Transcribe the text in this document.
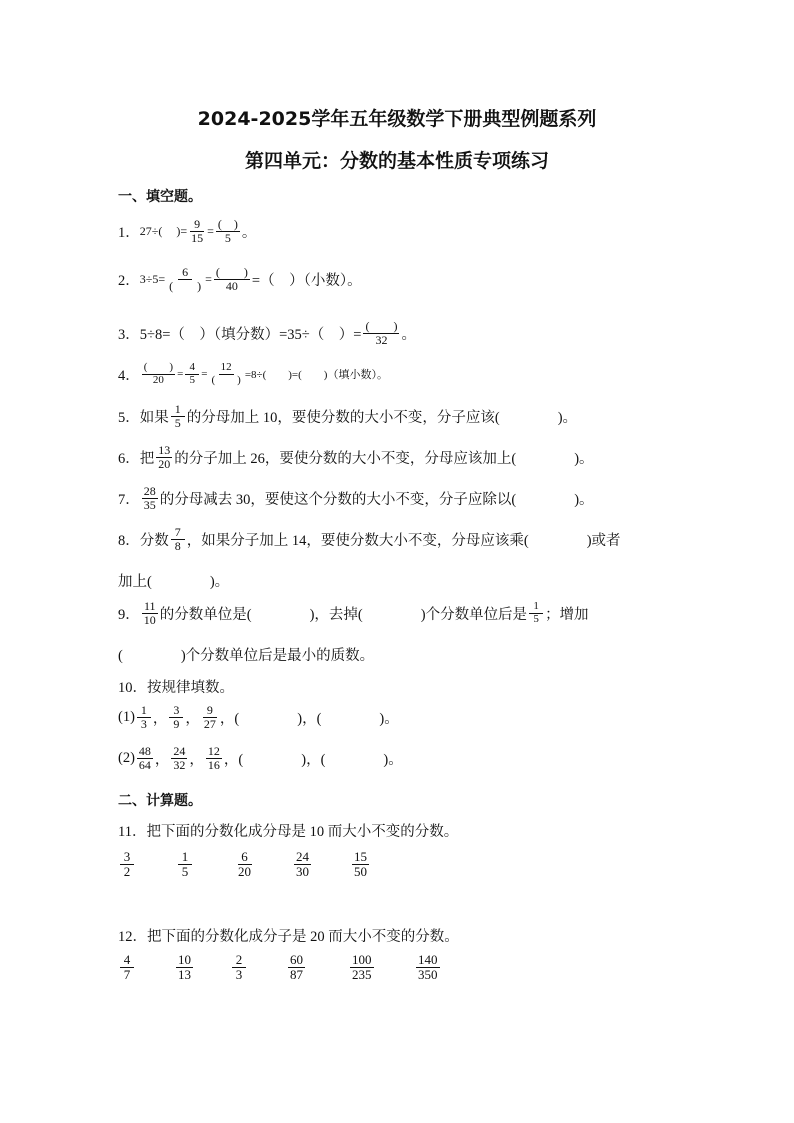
2024-2025学年五年级数学下册典型例题系列
第四单元：分数的基本性质专项练习
一、填空题。
1． 27÷( )= $\frac{9}{15} = \frac{( )}{5}$ 。
2． $3\div 5= \frac{6}{( )} = \frac{( )}{40}$ =（　）（小数）。
3． 5÷8=（　）（填分数）=35÷（　）= $\frac{( )}{32}$ 。
4． $\frac{( )}{20} = \frac{4}{5} = \frac{12}{( )} =8\div$(　　)=(　　)（填小数）。
5． 如果 $\frac{1}{5}$ 的分母加上 10，要使分数的大小不变，分子应该(　　　　)。
6． 把 $\frac{13}{20}$ 的分子加上 26，要使分数的大小不变，分母应该加上(　　　　)。
7． $\frac{28}{35}$ 的分母减去 30，要使这个分数的大小不变，分子应除以(　　　　)。
8． 分数 $\frac{7}{8}$ ，如果分子加上 14，要使分数大小不变，分母应该乘(　　　　)或者
加上(　　　　)。
9． $\frac{11}{10}$ 的分数单位是(　　　　)，去掉(　　　　)个分数单位后是 $\frac{1}{5}$ ；增加
(　　　　)个分数单位后是最小的质数。
10． 按规律填数。
$(1) \frac{1}{3}$ ， $\frac{3}{9}$ ， $\frac{9}{27}$ ，(　　　　)，(　　　　)。
$(2) \frac{48}{64}$ ， $\frac{24}{32}$ ， $\frac{12}{16}$ ，(　　　　)，(　　　　)。
二、计算题。
11．把下面的分数化成分母是 10 而大小不变的分数。
$\frac{3}{2}$	$\frac{1}{5}$	$\frac{6}{20}$	$\frac{24}{30}$	$\frac{15}{50}$
12．把下面的分数化成分子是 20 而大小不变的分数。
$\frac{4}{7}$	$\frac{10}{13}$	$\frac{2}{3}$	$\frac{60}{87}$	$\frac{100}{235}$	$\frac{140}{350}$
